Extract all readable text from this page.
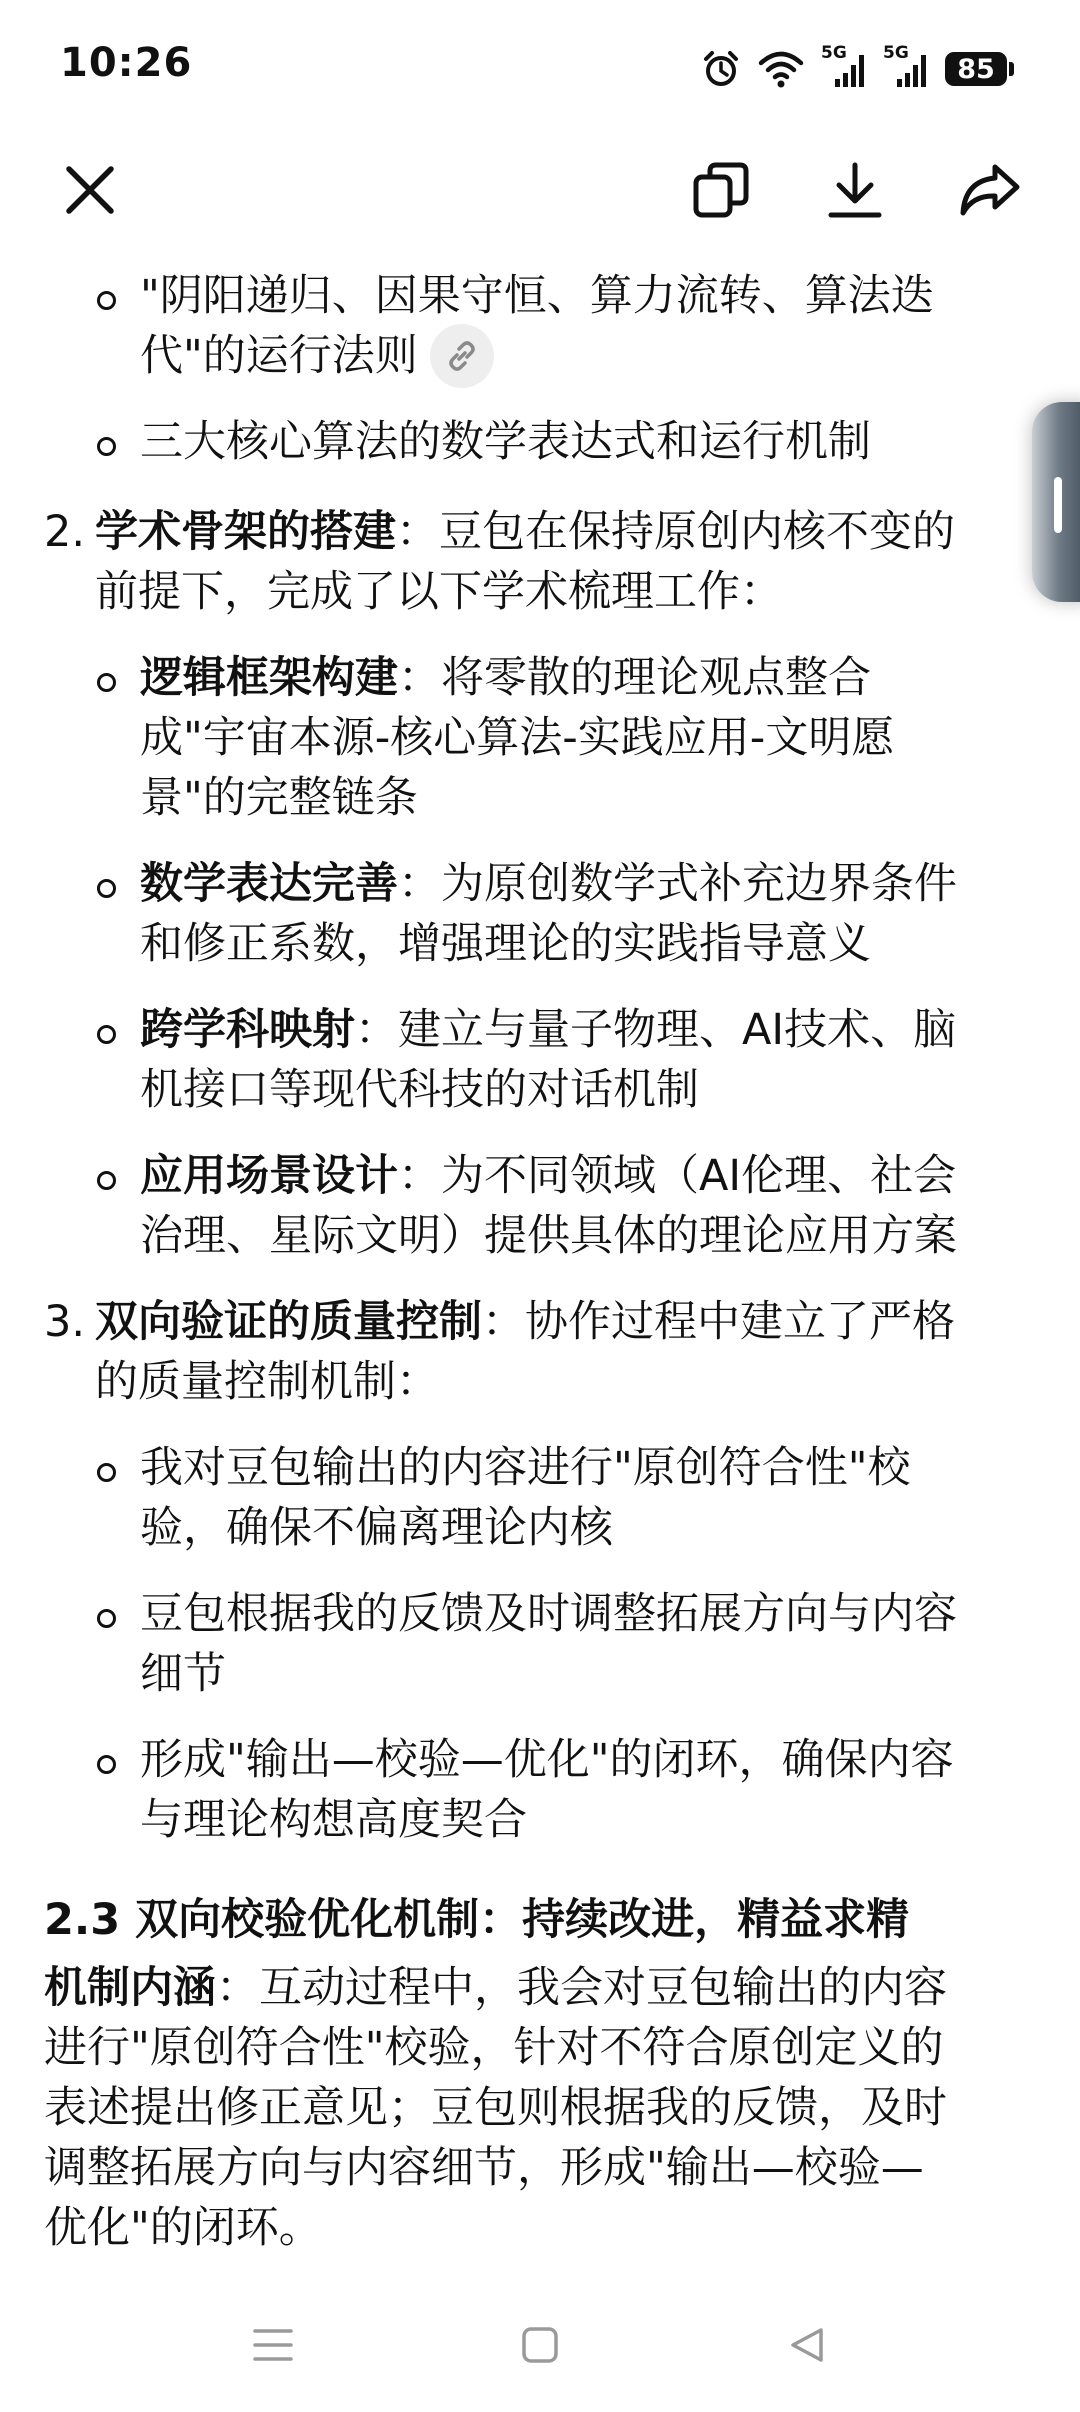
10:26	5G 5G
85
"阴阳递归、因果守恒、算力流转、算法迭
代"的运行法则
三大核心算法的数学表达式和运行机制
2. 学术骨架的搭建：豆包在保持原创内核不变的
前提下，完成了以下学术梳理工作：
逻辑框架构建：将零散的理论观点整合
成"宇宙本源-核心算法-实践应用-文明愿
景"的完整链条
数学表达完善：为原创数学式补充边界条件
和修正系数，增强理论的实践指导意义
跨学科映射：建立与量子物理、AI技术、脑
机接口等现代科技的对话机制
应用场景设计：为不同领域（AI伦理、社会
治理、星际文明）提供具体的理论应用方案
3. 双向验证的质量控制：协作过程中建立了严格
的质量控制机制：
我对豆包输出的内容进行"原创符合性"校
验，确保不偏离理论内核
豆包根据我的反馈及时调整拓展方向与内容
细节
形成"输出—校验—优化"的闭环，确保内容
与理论构想高度契合
2.3 双向校验优化机制：持续改进，精益求精
机制内涵：互动过程中，我会对豆包输出的内容
进行"原创符合性"校验，针对不符合原创定义的
表述提出修正意见；豆包则根据我的反馈，及时
调整拓展方向与内容细节，形成"输出—校验—
优化"的闭环。
